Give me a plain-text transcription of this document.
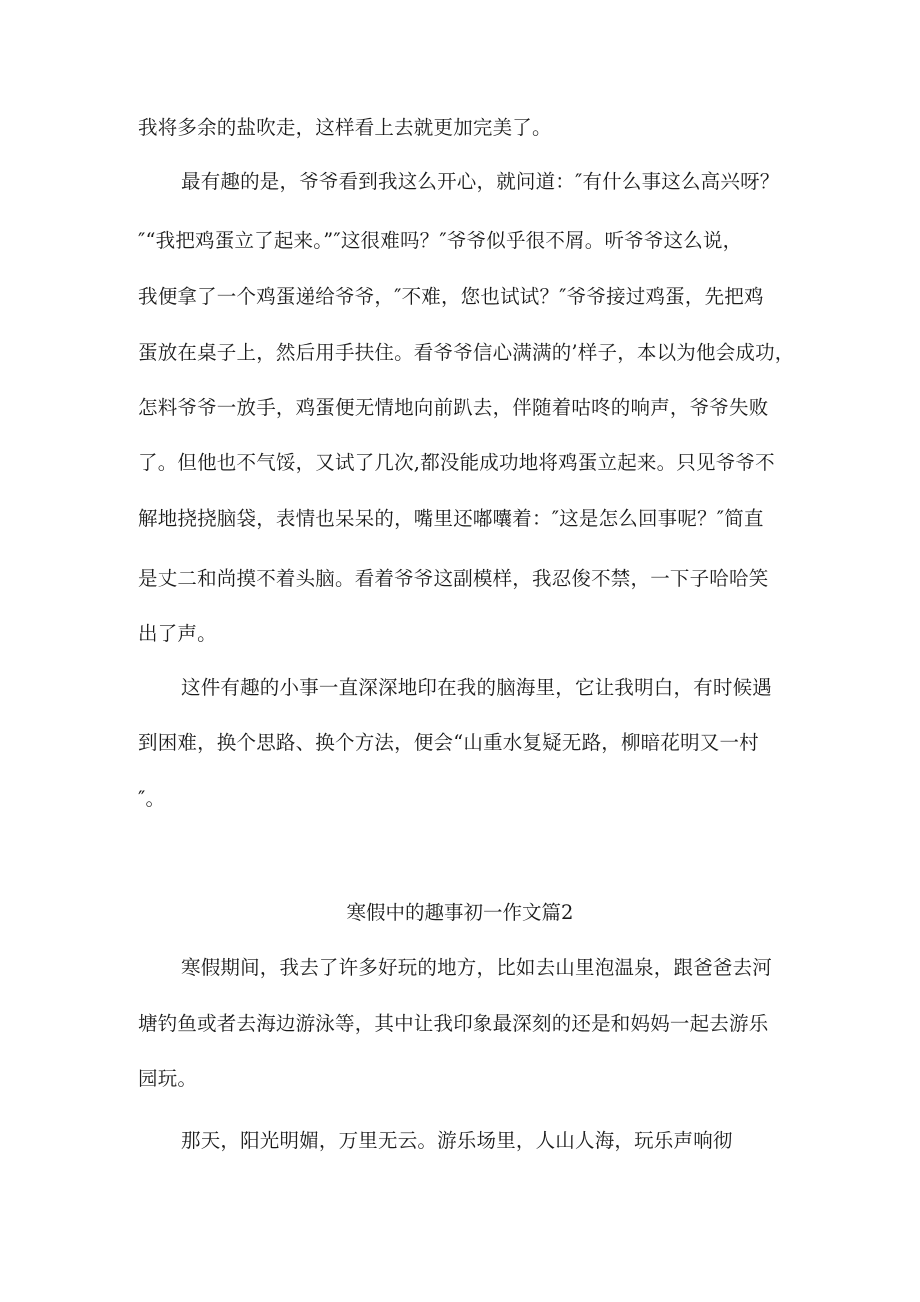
我将多余的盐吹走，这样看上去就更加完美了。
最有趣的是，爷爷看到我这么开心，就问道：″有什么事这么高兴呀？
″“我把鸡蛋立了起来。”″这很难吗？″爷爷似乎很不屑。听爷爷这么说，
我便拿了一个鸡蛋递给爷爷，″不难，您也试试？″爷爷接过鸡蛋，先把鸡
蛋放在桌子上，然后用手扶住。看爷爷信心满满的’样子，本以为他会成功，
怎料爷爷一放手，鸡蛋便无情地向前趴去，伴随着咕咚的响声，爷爷失败
了。但他也不气馁，又试了几次,都没能成功地将鸡蛋立起来。只见爷爷不
解地挠挠脑袋，表情也呆呆的，嘴里还嘟囔着：″这是怎么回事呢？″简直
是丈二和尚摸不着头脑。看着爷爷这副模样，我忍俊不禁，一下子哈哈笑
出了声。
这件有趣的小事一直深深地印在我的脑海里，它让我明白，有时候遇
到困难，换个思路、换个方法，便会“山重水复疑无路，柳暗花明又一村
″。
寒假中的趣事初一作文篇2
寒假期间，我去了许多好玩的地方，比如去山里泡温泉，跟爸爸去河
塘钓鱼或者去海边游泳等，其中让我印象最深刻的还是和妈妈一起去游乐
园玩。
那天，阳光明媚，万里无云。游乐场里，人山人海，玩乐声响彻
